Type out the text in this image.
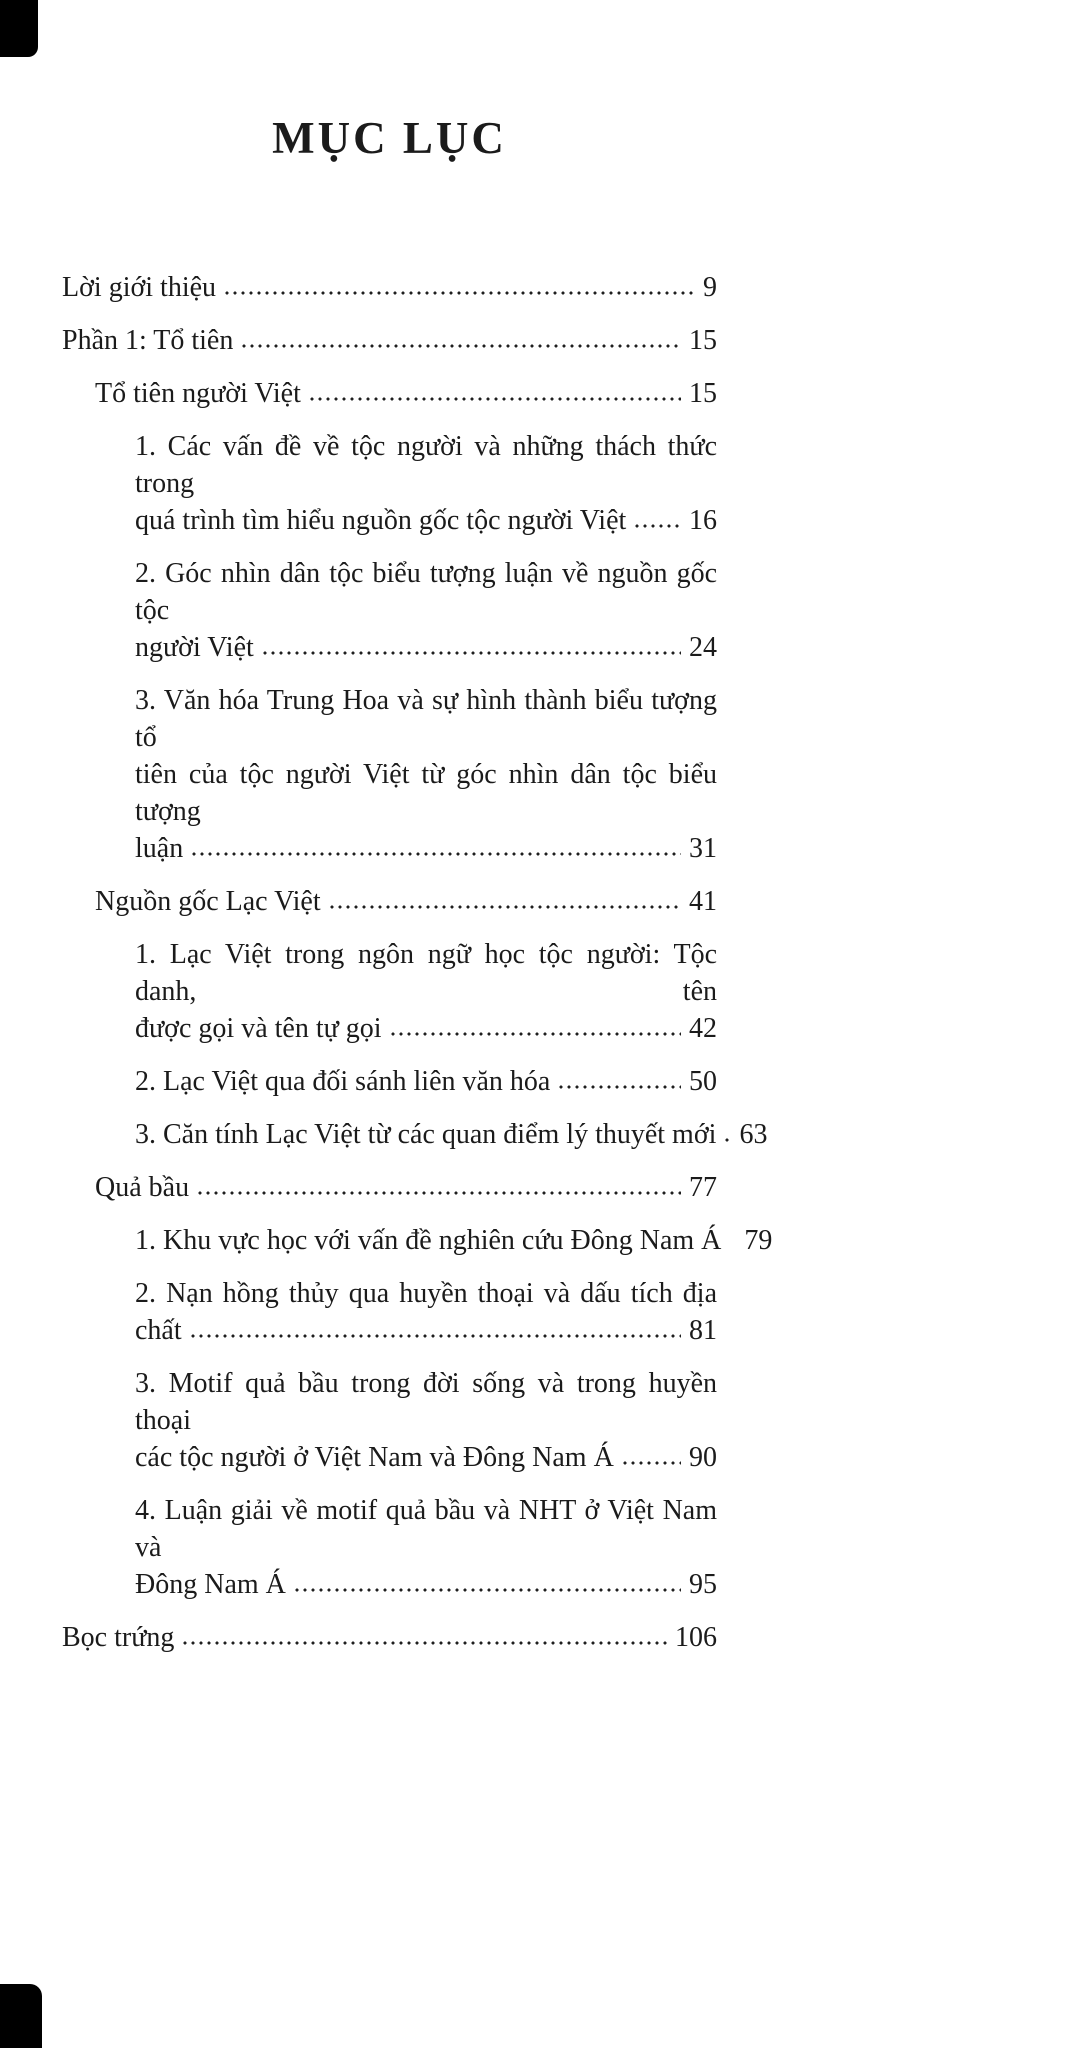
MỤC LỤC
Lời giới thiệu	9
Phần 1: Tổ tiên	15
Tổ tiên người Việt	15
1. Các vấn đề về tộc người và những thách thức trong
quá trình tìm hiểu nguồn gốc tộc người Việt 16
2. Góc nhìn dân tộc biểu tượng luận về nguồn gốc tộc
người Việt	24
3. Văn hóa Trung Hoa và sự hình thành biểu tượng tổ
tiên của tộc người Việt từ góc nhìn dân tộc biểu tượng
luận	31
Nguồn gốc Lạc Việt	41
1. Lạc Việt trong ngôn ngữ học tộc người: Tộc danh, tên
được gọi và tên tự gọi	42
2. Lạc Việt qua đối sánh liên văn hóa	50
3. Căn tính Lạc Việt từ các quan điểm lý thuyết mới 63
Quả bầu	77
1. Khu vực học với vấn đề nghiên cứu Đông Nam Á 79
2. Nạn hồng thủy qua huyền thoại và dấu tích địa
chất	81
3. Motif quả bầu trong đời sống và trong huyền thoại
các tộc người ở Việt Nam và Đông Nam Á	90
4. Luận giải về motif quả bầu và NHT ở Việt Nam và
Đông Nam Á	95
Bọc trứng	106
